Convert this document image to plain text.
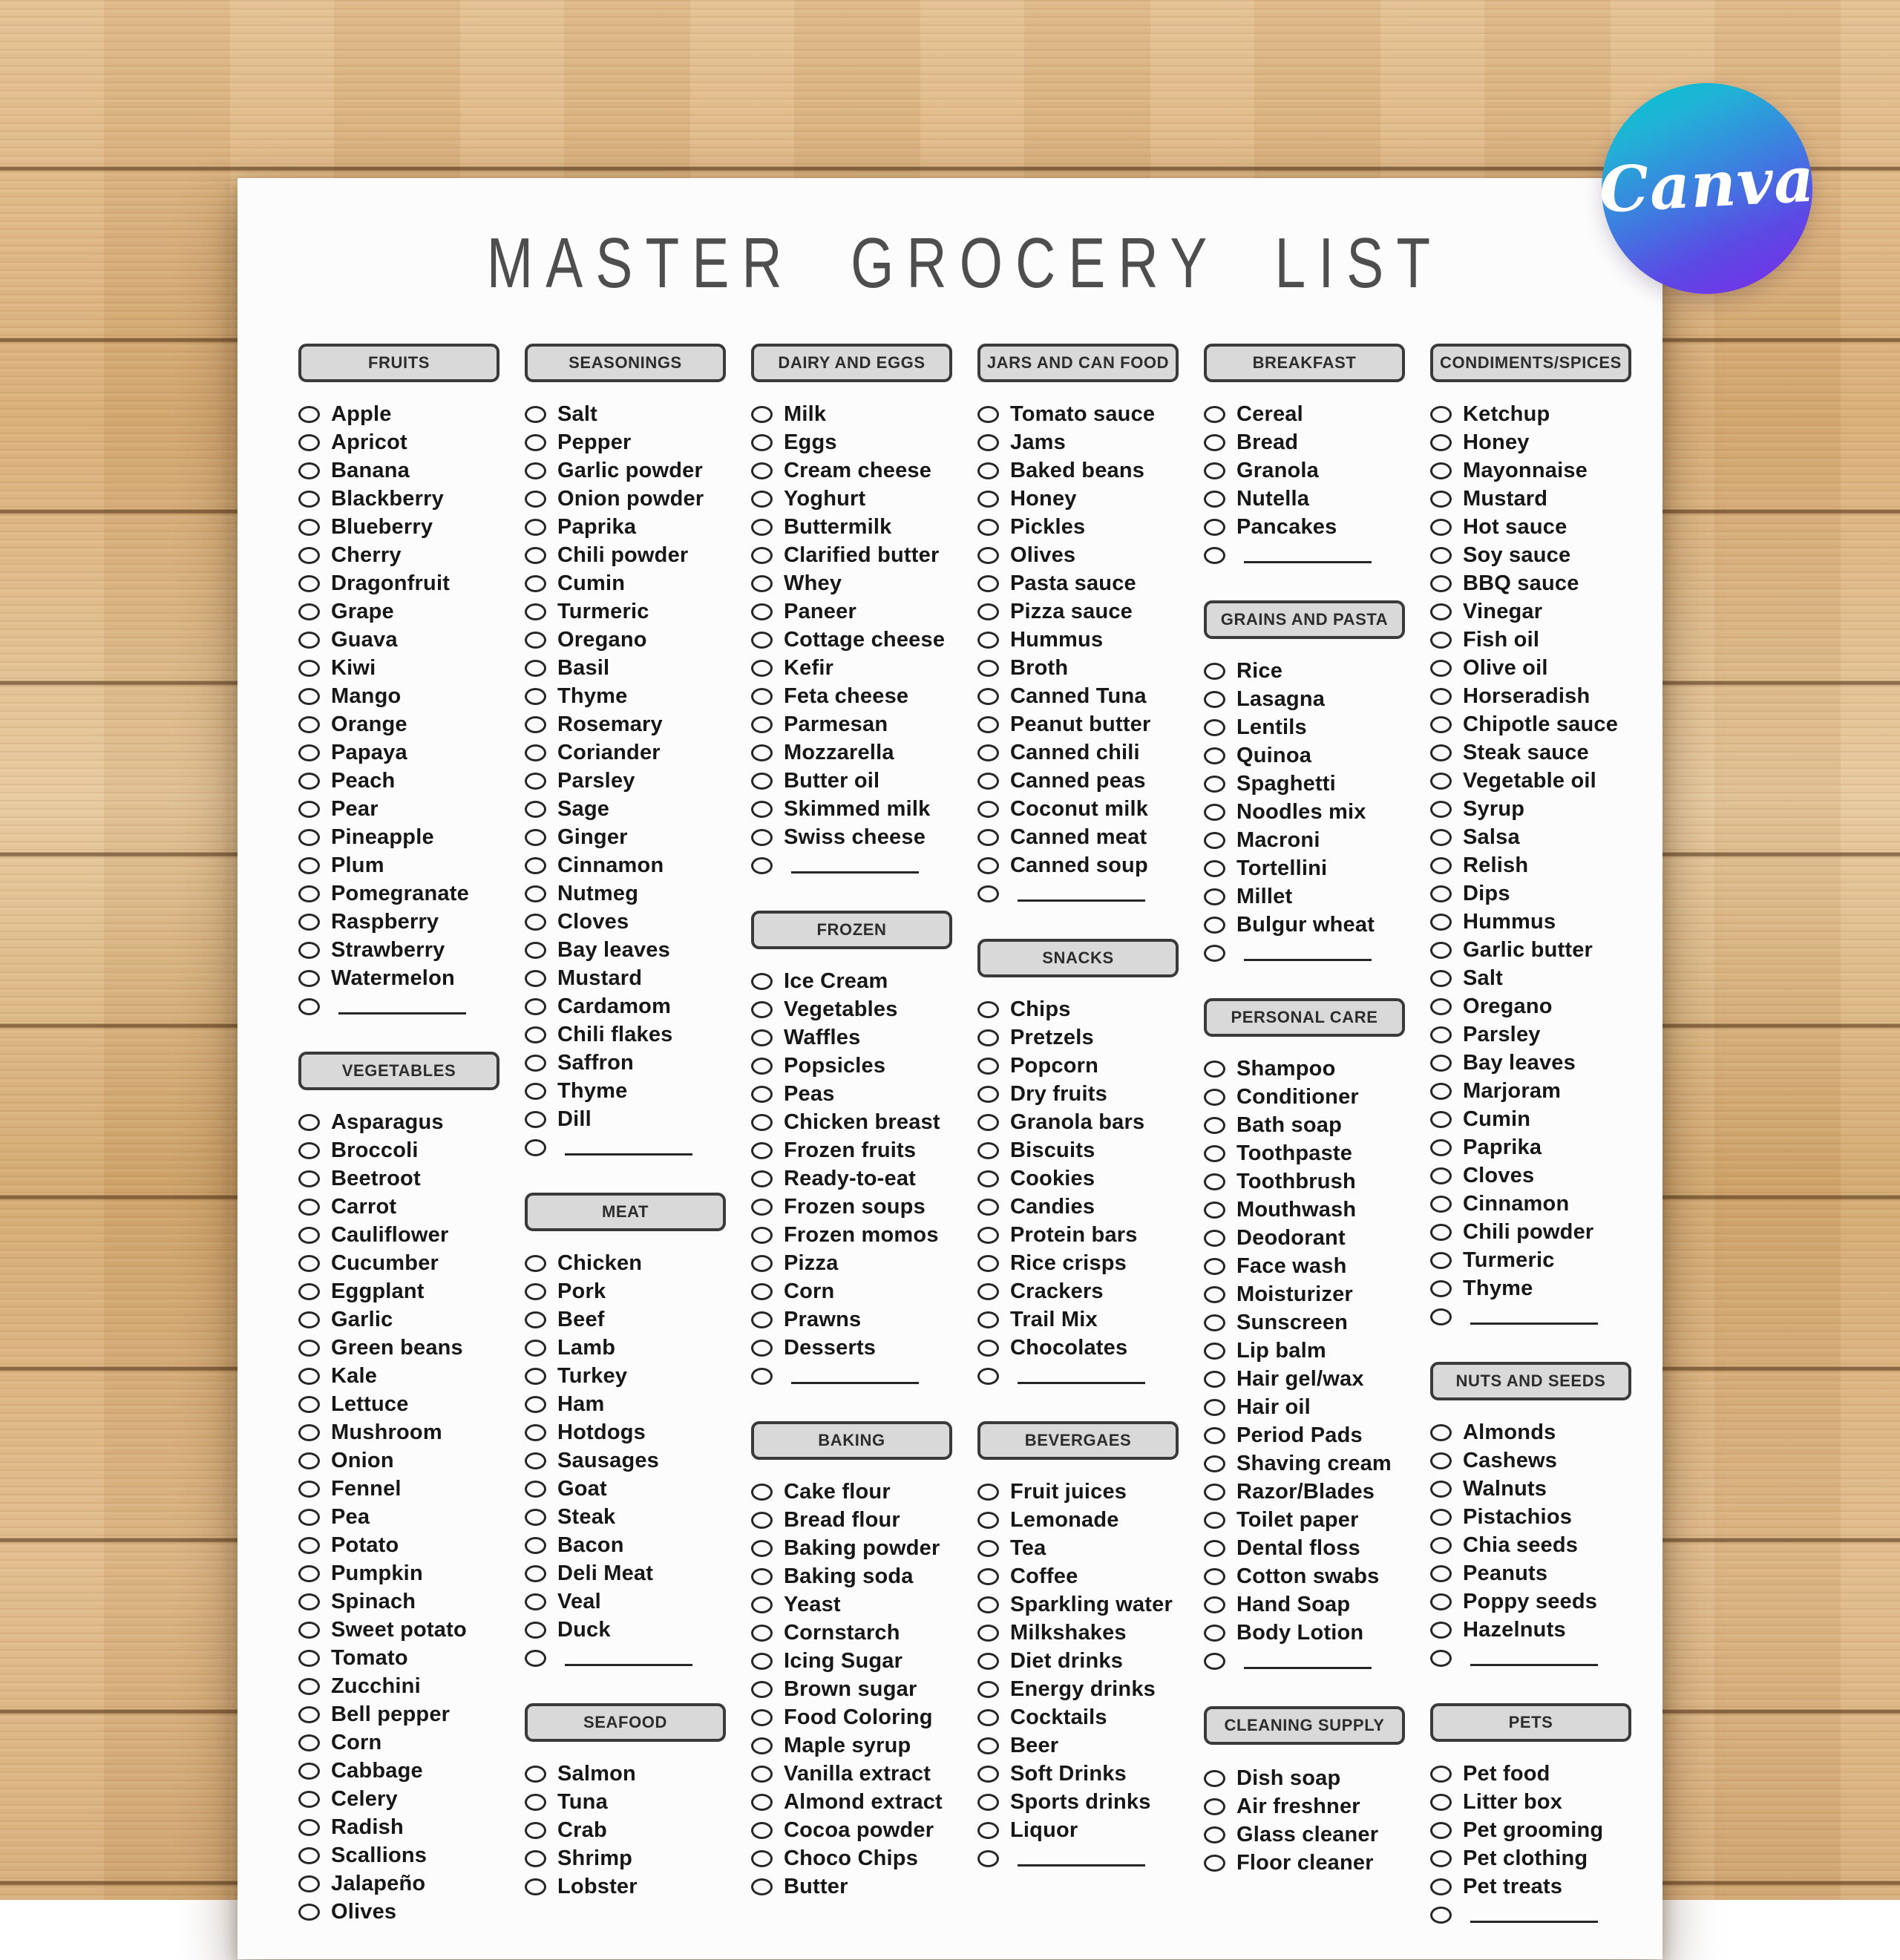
MASTER GROCERY LIST
FRUITS
Apple
Apricot
Banana
Blackberry
Blueberry
Cherry
Dragonfruit
Grape
Guava
Kiwi
Mango
Orange
Papaya
Peach
Pear
Pineapple
Plum
Pomegranate
Raspberry
Strawberry
Watermelon
VEGETABLES
Asparagus
Broccoli
Beetroot
Carrot
Cauliflower
Cucumber
Eggplant
Garlic
Green beans
Kale
Lettuce
Mushroom
Onion
Fennel
Pea
Potato
Pumpkin
Spinach
Sweet potato
Tomato
Zucchini
Bell pepper
Corn
Cabbage
Celery
Radish
Scallions
Jalapeño
Olives
SEASONINGS
Salt
Pepper
Garlic powder
Onion powder
Paprika
Chili powder
Cumin
Turmeric
Oregano
Basil
Thyme
Rosemary
Coriander
Parsley
Sage
Ginger
Cinnamon
Nutmeg
Cloves
Bay leaves
Mustard
Cardamom
Chili flakes
Saffron
Thyme
Dill
MEAT
Chicken
Pork
Beef
Lamb
Turkey
Ham
Hotdogs
Sausages
Goat
Steak
Bacon
Deli Meat
Veal
Duck
SEAFOOD
Salmon
Tuna
Crab
Shrimp
Lobster
DAIRY AND EGGS
Milk
Eggs
Cream cheese
Yoghurt
Buttermilk
Clarified butter
Whey
Paneer
Cottage cheese
Kefir
Feta cheese
Parmesan
Mozzarella
Butter oil
Skimmed milk
Swiss cheese
FROZEN
Ice Cream
Vegetables
Waffles
Popsicles
Peas
Chicken breast
Frozen fruits
Ready-to-eat
Frozen soups
Frozen momos
Pizza
Corn
Prawns
Desserts
BAKING
Cake flour
Bread flour
Baking powder
Baking soda
Yeast
Cornstarch
Icing Sugar
Brown sugar
Food Coloring
Maple syrup
Vanilla extract
Almond extract
Cocoa powder
Choco Chips
Butter
JARS AND CAN FOOD
Tomato sauce
Jams
Baked beans
Honey
Pickles
Olives
Pasta sauce
Pizza sauce
Hummus
Broth
Canned Tuna
Peanut butter
Canned chili
Canned peas
Coconut milk
Canned meat
Canned soup
SNACKS
Chips
Pretzels
Popcorn
Dry fruits
Granola bars
Biscuits
Cookies
Candies
Protein bars
Rice crisps
Crackers
Trail Mix
Chocolates
BEVERGAES
Fruit juices
Lemonade
Tea
Coffee
Sparkling water
Milkshakes
Diet drinks
Energy drinks
Cocktails
Beer
Soft Drinks
Sports drinks
Liquor
BREAKFAST
Cereal
Bread
Granola
Nutella
Pancakes
GRAINS AND PASTA
Rice
Lasagna
Lentils
Quinoa
Spaghetti
Noodles mix
Macroni
Tortellini
Millet
Bulgur wheat
PERSONAL CARE
Shampoo
Conditioner
Bath soap
Toothpaste
Toothbrush
Mouthwash
Deodorant
Face wash
Moisturizer
Sunscreen
Lip balm
Hair gel/wax
Hair oil
Period Pads
Shaving cream
Razor/Blades
Toilet paper
Dental floss
Cotton swabs
Hand Soap
Body Lotion
CLEANING SUPPLY
Dish soap
Air freshner
Glass cleaner
Floor cleaner
CONDIMENTS/SPICES
Ketchup
Honey
Mayonnaise
Mustard
Hot sauce
Soy sauce
BBQ sauce
Vinegar
Fish oil
Olive oil
Horseradish
Chipotle sauce
Steak sauce
Vegetable oil
Syrup
Salsa
Relish
Dips
Hummus
Garlic butter
Salt
Oregano
Parsley
Bay leaves
Marjoram
Cumin
Paprika
Cloves
Cinnamon
Chili powder
Turmeric
Thyme
NUTS AND SEEDS
Almonds
Cashews
Walnuts
Pistachios
Chia seeds
Peanuts
Poppy seeds
Hazelnuts
PETS
Pet food
Litter box
Pet grooming
Pet clothing
Pet treats
Canva
